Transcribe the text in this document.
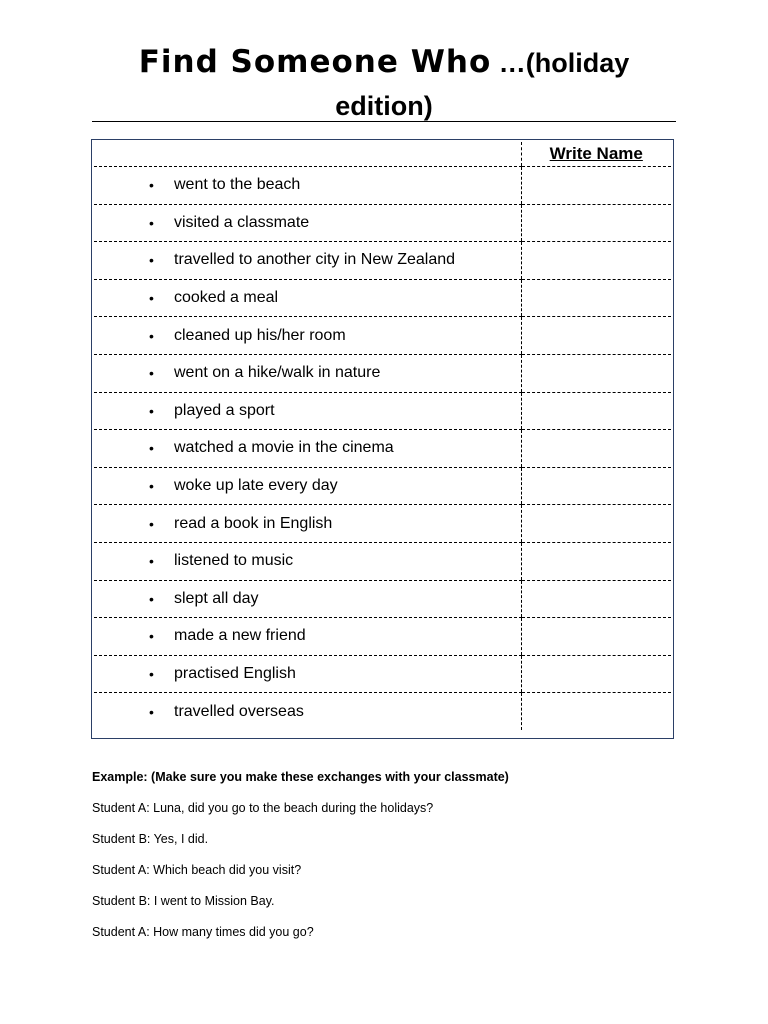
Find Someone Who …(holiday
edition)
	Write Name

• went to the beach	

• visited a classmate	

• travelled to another city in New Zealand	

• cooked a meal	

• cleaned up his/her room	

• went on a hike/walk in nature	

• played a sport	

• watched a movie in the cinema	

• woke up late every day	

• read a book in English	

• listened to music	

• slept all day	

• made a new friend	

• practised English	

• travelled overseas	

Example: (Make sure you make these exchanges with your classmate)

Student A: Luna, did you go to the beach during the holidays?

Student B: Yes, I did.

Student A: Which beach did you visit?

Student B: I went to Mission Bay.

Student A: How many times did you go?
